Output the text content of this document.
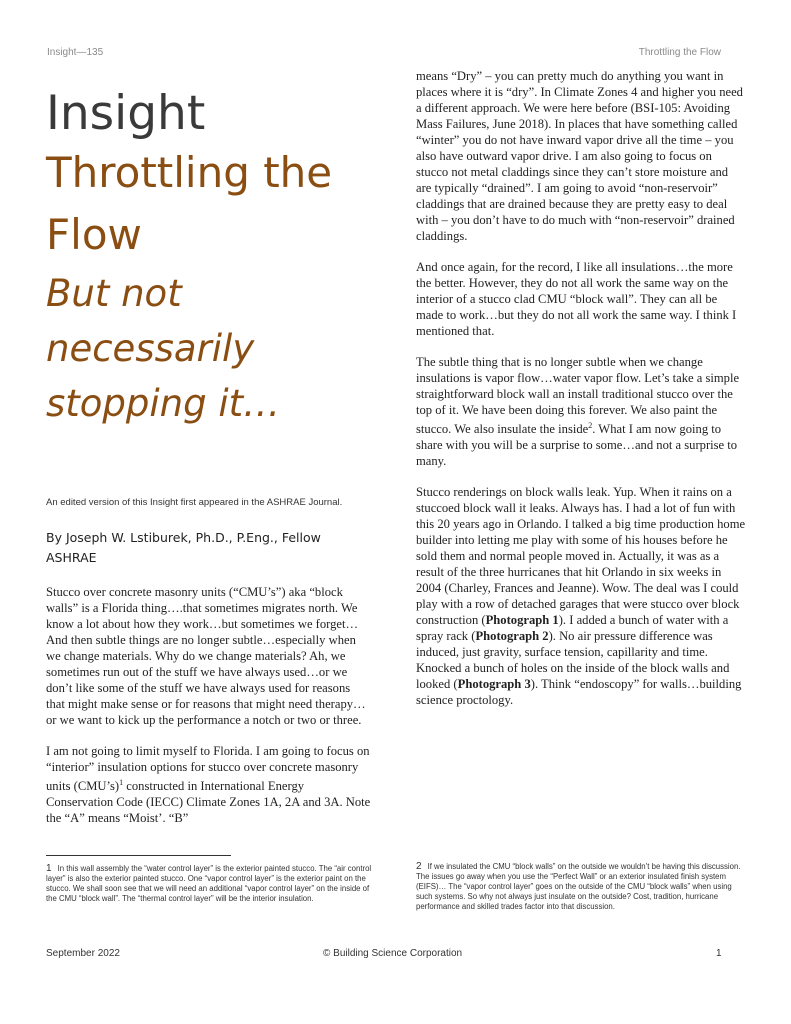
Insight—135	Throttling the Flow
Insight
Throttling the
Flow
But not
necessarily
stopping it…
An edited version of this Insight first appeared in the ASHRAE Journal.
By Joseph W. Lstiburek, Ph.D., P.Eng., Fellow ASHRAE

Stucco over concrete masonry units (“CMU’s”) aka “block walls” is a Florida thing….that sometimes migrates north. We know a lot about how they work…but sometimes we forget… And then subtle things are no longer subtle…especially when we change materials. Why do we change materials? Ah, we sometimes run out of the stuff we have always used…or we don’t like some of the stuff we have always used for reasons that might make sense or for reasons that might need therapy…or we want to kick up the performance a notch or two or three.

I am not going to limit myself to Florida. I am going to focus on “interior” insulation options for stucco over concrete masonry units (CMU’s)$^1$ constructed in International Energy Conservation Code (IECC) Climate Zones 1A, 2A and 3A. Note the “A” means “Moist’. “B”

means “Dry” – you can pretty much do anything you want in places where it is “dry”. In Climate Zones 4 and higher you need a different approach. We were here before (BSI-105: Avoiding Mass Failures, June 2018). In places that have something called “winter” you do not have inward vapor drive all the time – you also have outward vapor drive. I am also going to focus on stucco not metal claddings since they can’t store moisture and are typically “drained”. I am going to avoid “non-reservoir” claddings that are drained because they are pretty easy to deal with – you don’t have to do much with “non-reservoir” drained claddings.

And once again, for the record, I like all insulations…the more the better. However, they do not all work the same way on the interior of a stucco clad CMU “block wall”. They can all be made to work…but they do not all work the same way. I think I mentioned that.

The subtle thing that is no longer subtle when we change insulations is vapor flow…water vapor flow. Let’s take a simple straightforward block wall an install traditional stucco over the top of it. We have been doing this forever. We also paint the stucco. We also insulate the inside$^2$. What I am now going to share with you will be a surprise to some…and not a surprise to many.

Stucco renderings on block walls leak. Yup. When it rains on a stuccoed block wall it leaks. Always has. I had a lot of fun with this 20 years ago in Orlando. I talked a big time production home builder into letting me play with some of his houses before he sold them and normal people moved in. Actually, it was as a result of the three hurricanes that hit Orlando in six weeks in 2004 (Charley, Frances and Jeanne). Wow. The deal was I could play with a row of detached garages that were stucco over block construction (Photograph 1). I added a bunch of water with a spray rack (Photograph 2). No air pressure difference was induced, just gravity, surface tension, capillarity and time. Knocked a bunch of holes on the inside of the block walls and looked (Photograph 3). Think “endoscopy” for walls…building science proctology.

1 In this wall assembly the “water control layer” is the exterior painted stucco. The “air control layer” is also the exterior painted stucco. One “vapor control layer” is the exterior paint on the stucco. We shall soon see that we will need an additional “vapor control layer” on the inside of the CMU “block wall”. The “thermal control layer” will be the interior insulation.
2 If we insulated the CMU “block walls” on the outside we wouldn’t be having this discussion. The issues go away when you use the “Perfect Wall” or an exterior insulated finish system (EIFS)… The “vapor control layer” goes on the outside of the CMU “block walls” when using such systems. So why not always just insulate on the outside? Cost, tradition, hurricane performance and skilled trades factor into that discussion.
September 2022	© Building Science Corporation	1
